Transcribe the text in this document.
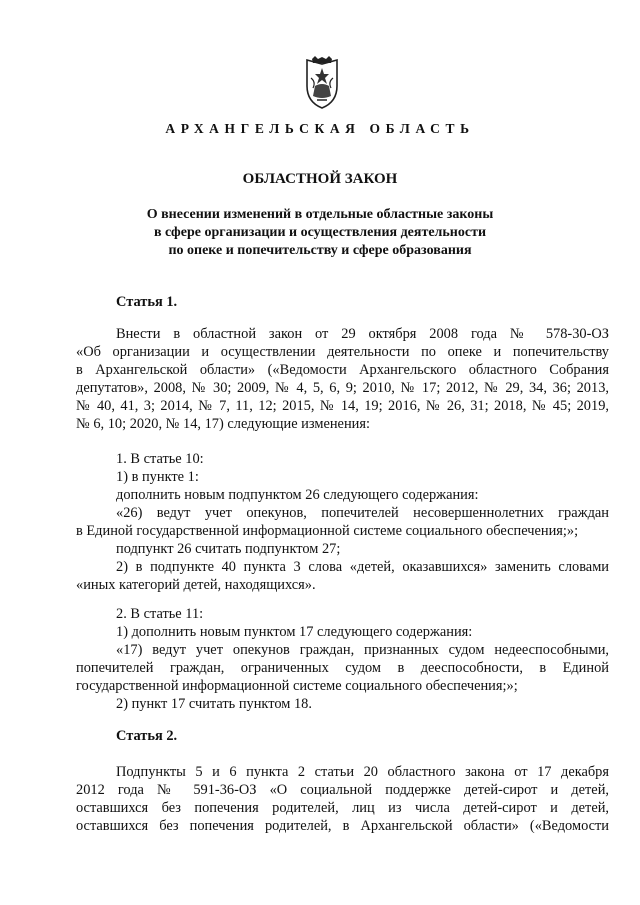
АРХАНГЕЛЬСКАЯ ОБЛАСТЬ
ОБЛАСТНОЙ ЗАКОН
О внесении изменений в отдельные областные законы
в сфере организации и осуществления деятельности
по опеке и попечительству и сфере образования
Статья 1.
Внести в областной закон от 29 октября 2008 года № 578-30-ОЗ
«Об организации и осуществлении деятельности по опеке и попечительству
в Архангельской области» («Ведомости Архангельского областного Собрания
депутатов», 2008, № 30; 2009, № 4, 5, 6, 9; 2010, № 17; 2012, № 29, 34, 36; 2013,
№ 40, 41, 3; 2014, № 7, 11, 12; 2015, № 14, 19; 2016, № 26, 31; 2018, № 45; 2019,
№ 6, 10; 2020, № 14, 17) следующие изменения:
1. В статье 10:
1) в пункте 1:
дополнить новым подпунктом 26 следующего содержания:
«26) ведут учет опекунов, попечителей несовершеннолетних граждан
в Единой государственной информационной системе социального обеспечения;»;
подпункт 26 считать подпунктом 27;
2) в подпункте 40 пункта 3 слова «детей, оказавшихся» заменить словами
«иных категорий детей, находящихся».
2. В статье 11:
1) дополнить новым пунктом 17 следующего содержания:
«17) ведут учет опекунов граждан, признанных судом недееспособными,
попечителей граждан, ограниченных судом в дееспособности, в Единой
государственной информационной системе социального обеспечения;»;
2) пункт 17 считать пунктом 18.
Статья 2.
Подпункты 5 и 6 пункта 2 статьи 20 областного закона от 17 декабря
2012 года № 591-36-ОЗ «О социальной поддержке детей-сирот и детей,
оставшихся без попечения родителей, лиц из числа детей-сирот и детей,
оставшихся без попечения родителей, в Архангельской области» («Ведомости
